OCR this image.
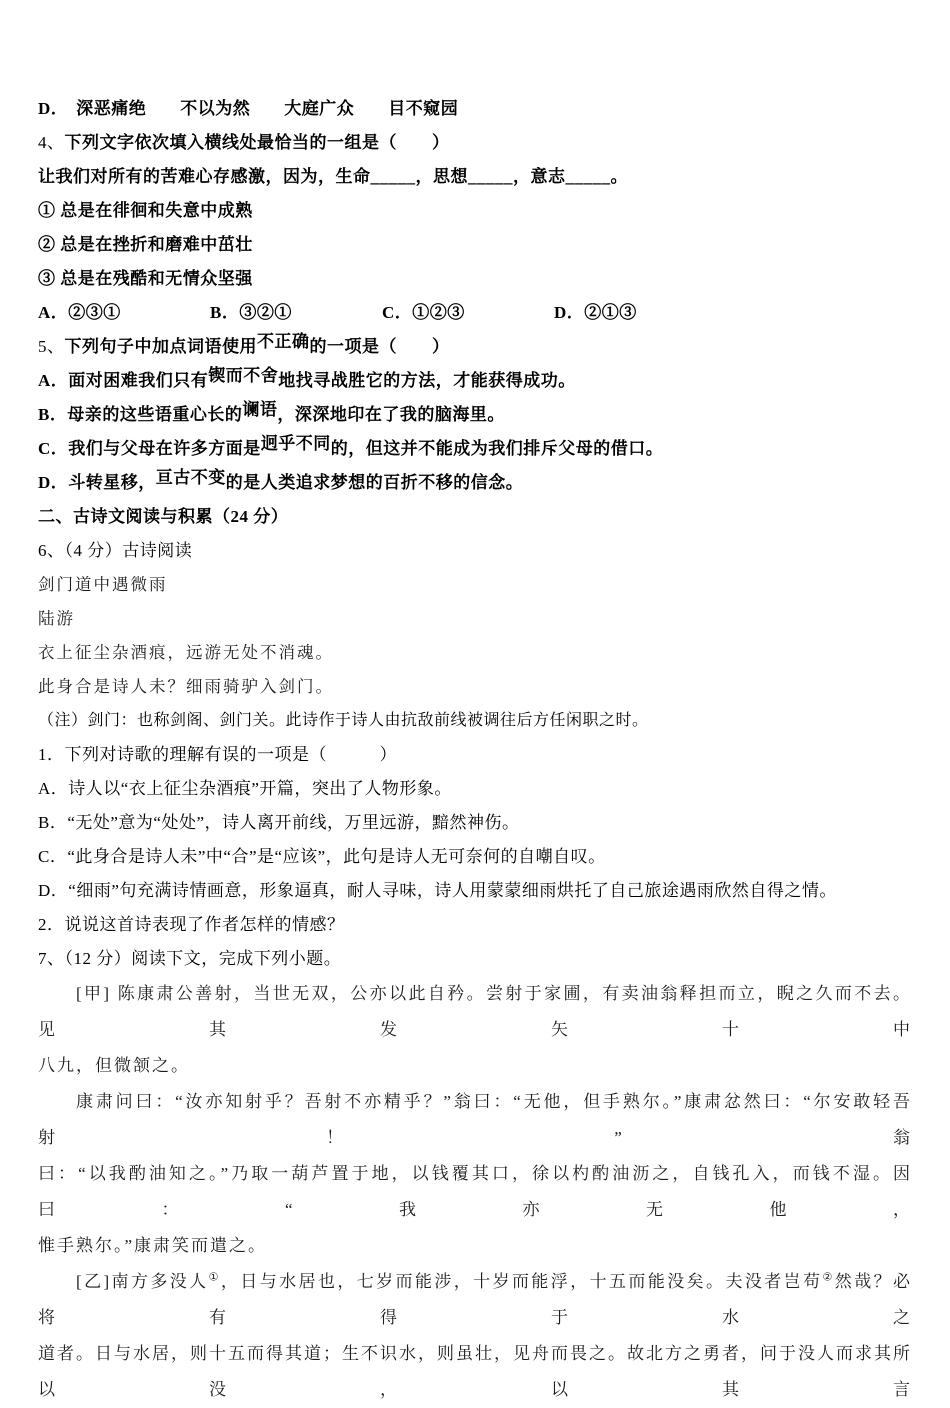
D． 深恶痛绝 不以为然 大庭广众 目不窥园
4、下列文字依次填入横线处最恰当的一组是（　　）
让我们对所有的苦难心存感激，因为，生命_____，思想_____，意志_____。
① 总是在徘徊和失意中成熟
② 总是在挫折和磨难中茁壮
③ 总是在残酷和无情众坚强
A．②③①	B．③②①	C．①②③	D．②①③
5、下列句子中加点词语使用不正确的一项是（　　）
A．面对困难我们只有锲而不舍地找寻战胜它的方法，才能获得成功。
B．母亲的这些语重心长的谰语，深深地印在了我的脑海里。
C．我们与父母在许多方面是迥乎不同的，但这并不能成为我们排斥父母的借口。
D．斗转星移，亘古不变的是人类追求梦想的百折不移的信念。
二、古诗文阅读与积累（24 分）
6、（4 分）古诗阅读
剑门道中遇微雨
陆游
衣上征尘杂酒痕，远游无处不消魂。
此身合是诗人未？细雨骑驴入剑门。
（注）剑门：也称剑阁、剑门关。此诗作于诗人由抗敌前线被调往后方任闲职之时。
1．下列对诗歌的理解有误的一项是（　　　）
A．诗人以“衣上征尘杂酒痕”开篇，突出了人物形象。
B．“无处”意为“处处”，诗人离开前线，万里远游，黯然神伤。
C．“此身合是诗人未”中“合”是“应该”，此句是诗人无可奈何的自嘲自叹。
D．“细雨”句充满诗情画意，形象逼真，耐人寻味，诗人用蒙蒙细雨烘托了自己旅途遇雨欣然自得之情。
2．说说这首诗表现了作者怎样的情感？
7、（12 分）阅读下文，完成下列小题。
[甲] 陈康肃公善射，当世无双，公亦以此自矜。尝射于家圃，有卖油翁释担而立，睨之久而不去。见其发矢十中
八九，但微颔之。
康肃问曰：“汝亦知射乎？吾射不亦精乎？”翁曰：“无他，但手熟尔。”康肃忿然曰：“尔安敢轻吾射！”翁
曰：“以我酌油知之。”乃取一葫芦置于地，以钱覆其口，徐以杓酌油沥之，自钱孔入，而钱不湿。因曰：“我亦无他，
惟手熟尔。”康肃笑而遣之。
[乙]南方多没人①，日与水居也，七岁而能涉，十岁而能浮，十五而能没矣。夫没者岂苟②然哉？必将有得于水之
道者。日与水居，则十五而得其道；生不识水，则虽壮，见舟而畏之。故北方之勇者，问于没人而求其所以没，以其言
